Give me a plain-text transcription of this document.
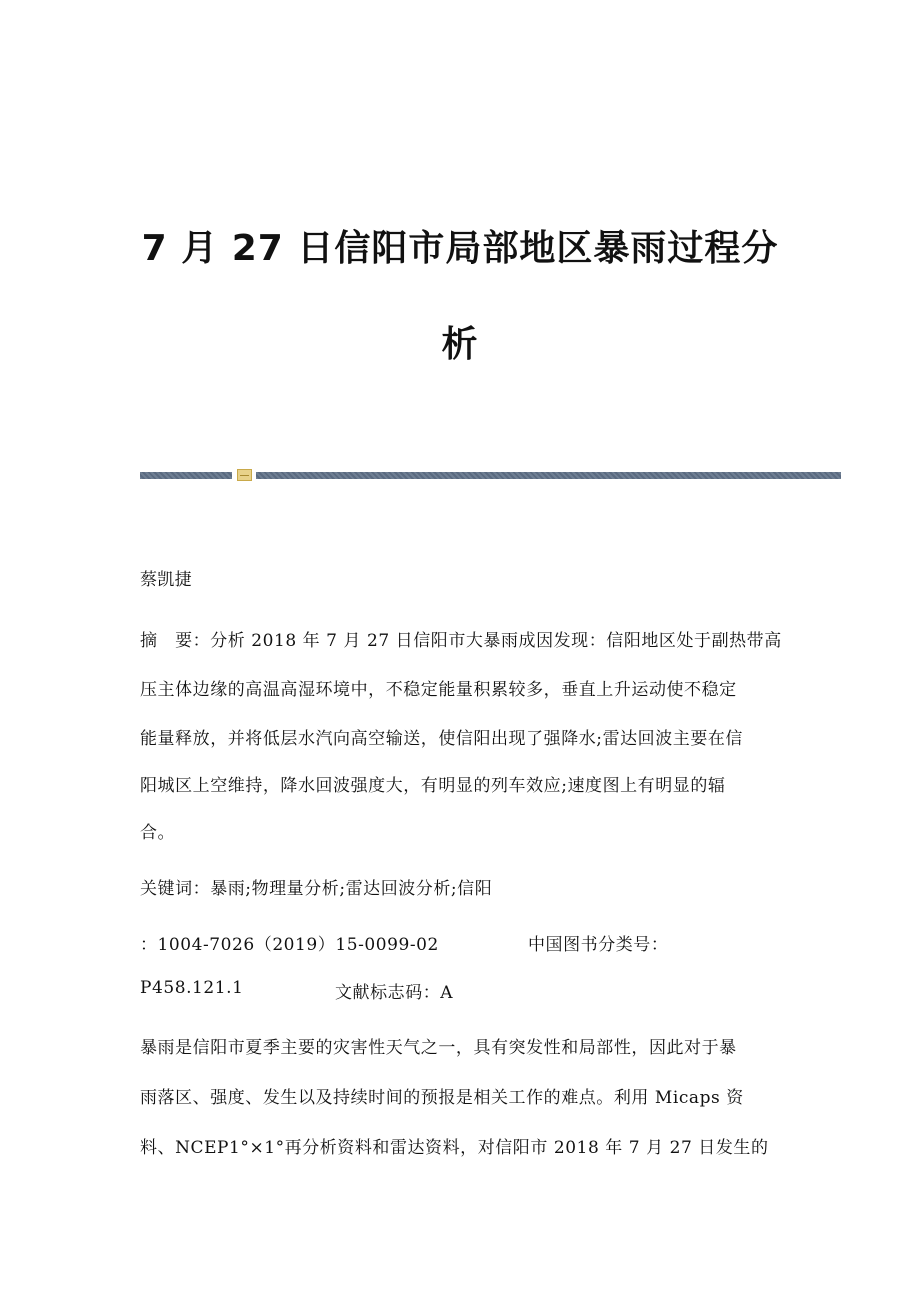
7 月 27 日信阳市局部地区暴雨过程分
析
蔡凯捷
摘　要：分析 2018 年 7 月 27 日信阳市大暴雨成因发现：信阳地区处于副热带高
压主体边缘的高温高湿环境中，不稳定能量积累较多，垂直上升运动使不稳定
能量释放，并将低层水汽向高空输送，使信阳出现了强降水;雷达回波主要在信
阳城区上空维持，降水回波强度大，有明显的列车效应;速度图上有明显的辐
合。
关键词：暴雨;物理量分析;雷达回波分析;信阳
：1004-7026（2019）15-0099-02	中国图书分类号：
P458.121.1	文献标志码：A
暴雨是信阳市夏季主要的灾害性天气之一，具有突发性和局部性，因此对于暴
雨落区、强度、发生以及持续时间的预报是相关工作的难点。利用 Micaps 资
料、NCEP1°×1°再分析资料和雷达资料，对信阳市 2018 年 7 月 27 日发生的
